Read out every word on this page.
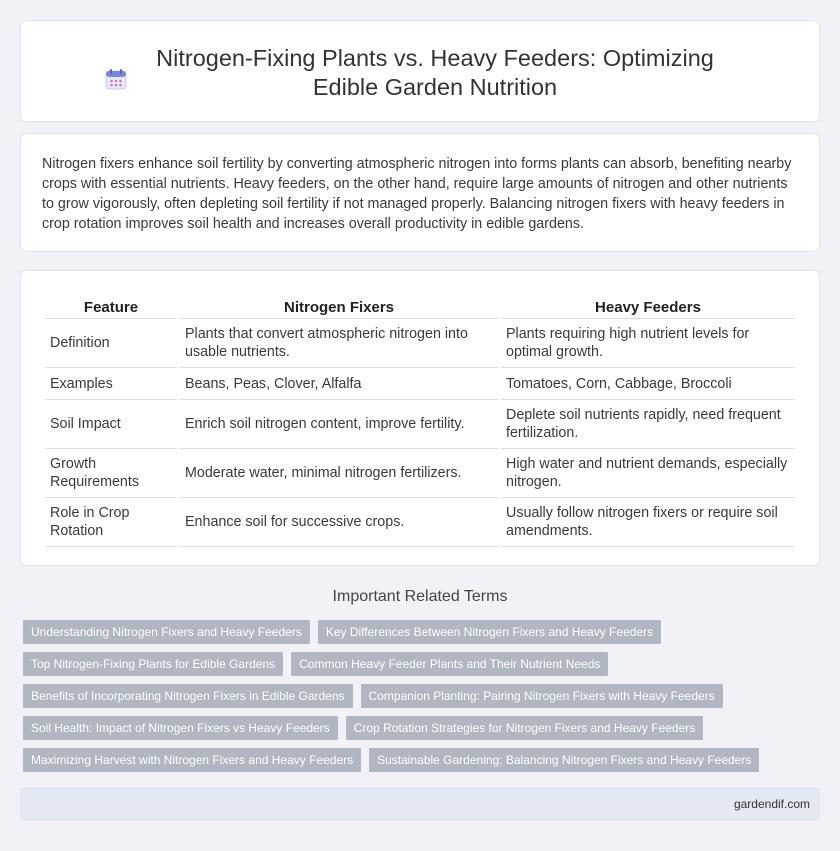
Nitrogen-Fixing Plants vs. Heavy Feeders: Optimizing Edible Garden Nutrition

Nitrogen fixers enhance soil fertility by converting atmospheric nitrogen into forms plants can absorb, benefiting nearby crops with essential nutrients. Heavy feeders, on the other hand, require large amounts of nitrogen and other nutrients to grow vigorously, often depleting soil fertility if not managed properly. Balancing nitrogen fixers with heavy feeders in crop rotation improves soil health and increases overall productivity in edible gardens.

Feature	Nitrogen Fixers	Heavy Feeders
Definition	Plants that convert atmospheric nitrogen into usable nutrients.	Plants requiring high nutrient levels for optimal growth.
Examples	Beans, Peas, Clover, Alfalfa	Tomatoes, Corn, Cabbage, Broccoli
Soil Impact	Enrich soil nitrogen content, improve fertility.	Deplete soil nutrients rapidly, need frequent fertilization.
Growth Requirements	Moderate water, minimal nitrogen fertilizers.	High water and nutrient demands, especially nitrogen.
Role in Crop Rotation	Enhance soil for successive crops.	Usually follow nitrogen fixers or require soil amendments.
Important Related Terms
Understanding Nitrogen Fixers and Heavy Feeders	Key Differences Between Nitrogen Fixers and Heavy Feeders
Top Nitrogen-Fixing Plants for Edible Gardens	Common Heavy Feeder Plants and Their Nutrient Needs
Benefits of Incorporating Nitrogen Fixers in Edible Gardens	Companion Planting: Pairing Nitrogen Fixers with Heavy Feeders
Soil Health: Impact of Nitrogen Fixers vs Heavy Feeders	Crop Rotation Strategies for Nitrogen Fixers and Heavy Feeders
Maximizing Harvest with Nitrogen Fixers and Heavy Feeders	Sustainable Gardening: Balancing Nitrogen Fixers and Heavy Feeders
gardendif.com
